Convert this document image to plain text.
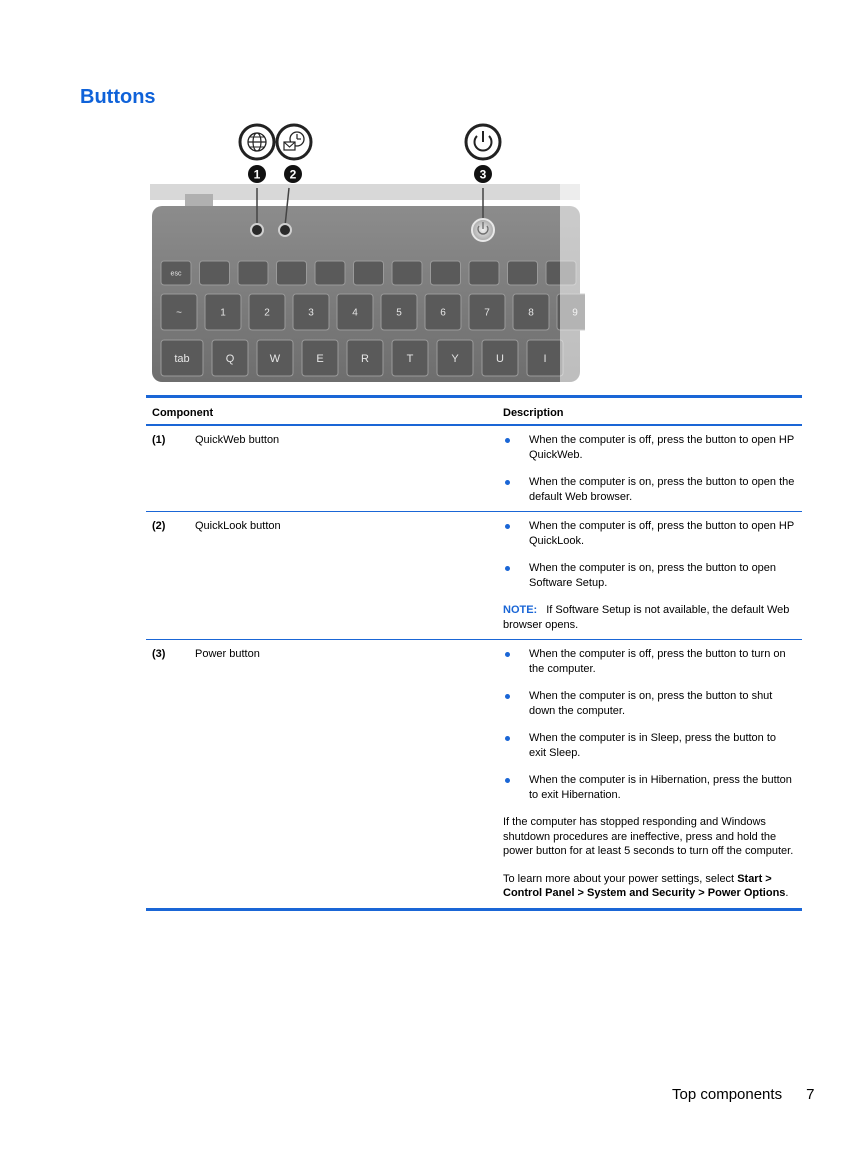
Buttons
1 2	3
esc
~	1	2	3	4	5	6	7	8
tab	Q	W	E	R	T	Y	U	I
Component	Description
(1)	QuickWeb button	When the computer is off, press the button to open HP QuickWeb.
When the computer is on, press the button to open the default Web browser.
(2)	QuickLook button	When the computer is off, press the button to open HP QuickLook.
When the computer is on, press the button to open Software Setup.
NOTE: If Software Setup is not available, the default Web browser opens.
(3)	Power button	When the computer is off, press the button to turn on the computer.
When the computer is on, press the button to shut down the computer.
When the computer is in Sleep, press the button to exit Sleep.
When the computer is in Hibernation, press the button to exit Hibernation.
If the computer has stopped responding and Windows shutdown procedures are ineffective, press and hold the power button for at least 5 seconds to turn off the computer.
To learn more about your power settings, select Start > Control Panel > System and Security > Power Options.
Top components 7
